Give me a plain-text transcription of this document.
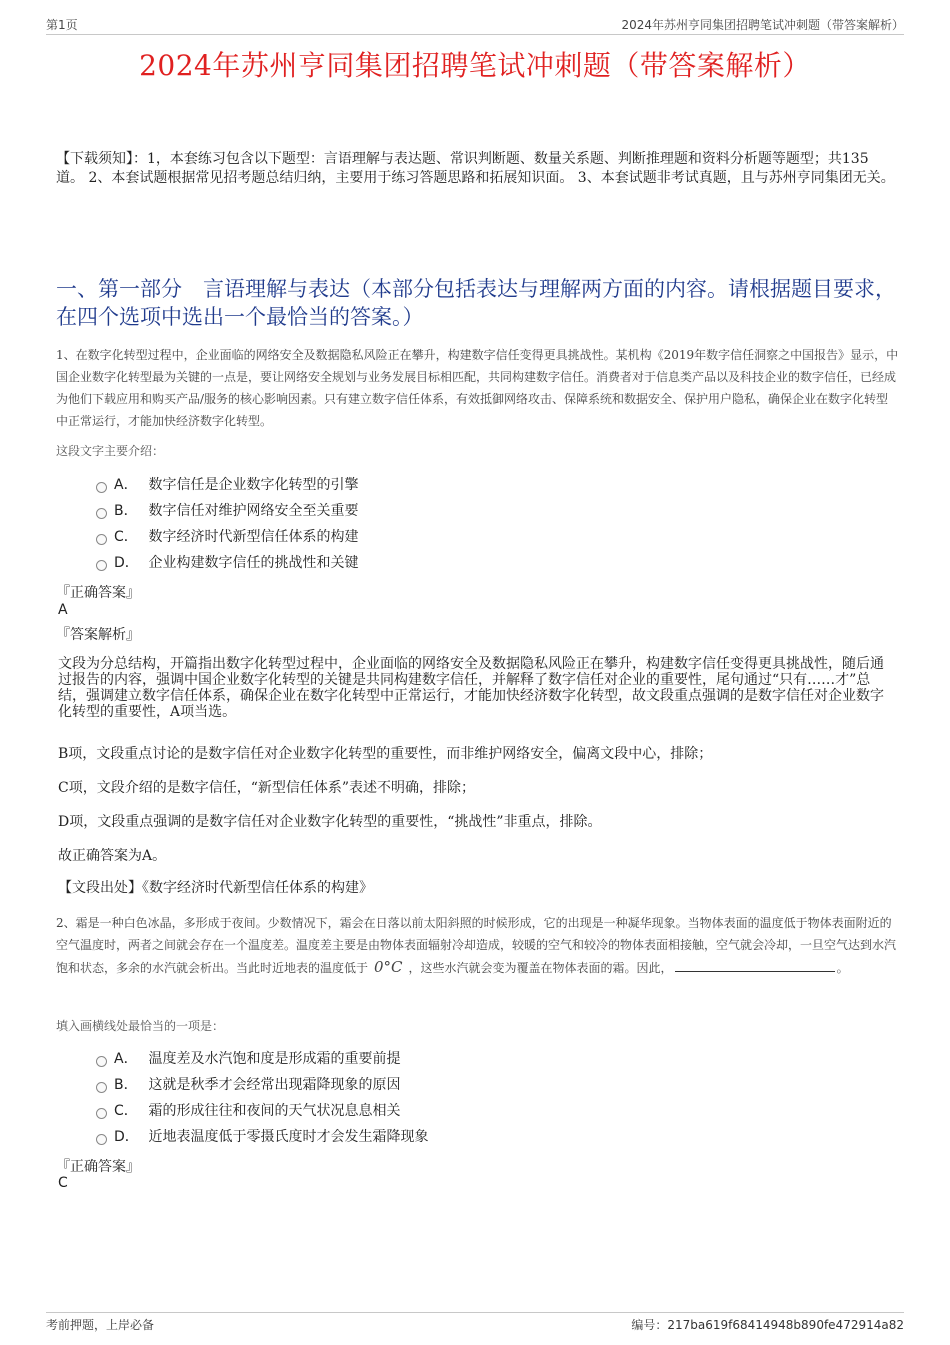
第1页	2024年苏州亨同集团招聘笔试冲刺题（带答案解析）
2024年苏州亨同集团招聘笔试冲刺题（带答案解析）
【下载须知】：1，本套练习包含以下题型：言语理解与表达题、常识判断题、数量关系题、判断推理题和资料分析题等题型；共135道。 2、本套试题根据常见招考题总结归纳，主要用于练习答题思路和拓展知识面。 3、本套试题非考试真题，且与苏州亨同集团无关。
一、第一部分　言语理解与表达（本部分包括表达与理解两方面的内容。请根据题目要求，在四个选项中选出一个最恰当的答案。）
1、在数字化转型过程中，企业面临的网络安全及数据隐私风险正在攀升，构建数字信任变得更具挑战性。某机构《2019年数字信任洞察之中国报告》显示，中国企业数字化转型最为关键的一点是，要让网络安全规划与业务发展目标相匹配，共同构建数字信任。消费者对于信息类产品以及科技企业的数字信任，已经成为他们下载应用和购买产品/服务的核心影响因素。只有建立数字信任体系，有效抵御网络攻击、保障系统和数据安全、保护用户隐私，确保企业在数字化转型中正常运行，才能加快经济数字化转型。
这段文字主要介绍：
A． 数字信任是企业数字化转型的引擎
B． 数字信任对维护网络安全至关重要
C． 数字经济时代新型信任体系的构建
D． 企业构建数字信任的挑战性和关键
『正确答案』
A
『答案解析』
文段为分总结构，开篇指出数字化转型过程中，企业面临的网络安全及数据隐私风险正在攀升，构建数字信任变得更具挑战性，随后通过报告的内容，强调中国企业数字化转型的关键是共同构建数字信任，并解释了数字信任对企业的重要性，尾句通过“只有……才”总结，强调建立数字信任体系，确保企业在数字化转型中正常运行，才能加快经济数字化转型，故文段重点强调的是数字信任对企业数字化转型的重要性，A项当选。
B项，文段重点讨论的是数字信任对企业数字化转型的重要性，而非维护网络安全，偏离文段中心，排除；
C项，文段介绍的是数字信任，“新型信任体系”表述不明确，排除；
D项，文段重点强调的是数字信任对企业数字化转型的重要性，“挑战性”非重点，排除。
故正确答案为A。
【文段出处】《数字经济时代新型信任体系的构建》
2、霜是一种白色冰晶，多形成于夜间。少数情况下，霜会在日落以前太阳斜照的时候形成，它的出现是一种凝华现象。当物体表面的温度低于物体表面附近的空气温度时，两者之间就会存在一个温度差。温度差主要是由物体表面辐射冷却造成，较暖的空气和较冷的物体表面相接触，空气就会冷却，一旦空气达到水汽饱和状态，多余的水汽就会析出。当此时近地表的温度低于 0°C ，这些水汽就会变为覆盖在物体表面的霜。因此，	。
填入画横线处最恰当的一项是：
A． 温度差及水汽饱和度是形成霜的重要前提
B． 这就是秋季才会经常出现霜降现象的原因
C． 霜的形成往往和夜间的天气状况息息相关
D． 近地表温度低于零摄氏度时才会发生霜降现象
『正确答案』
C
考前押题，上岸必备	编号：217ba619f68414948b890fe472914a82
